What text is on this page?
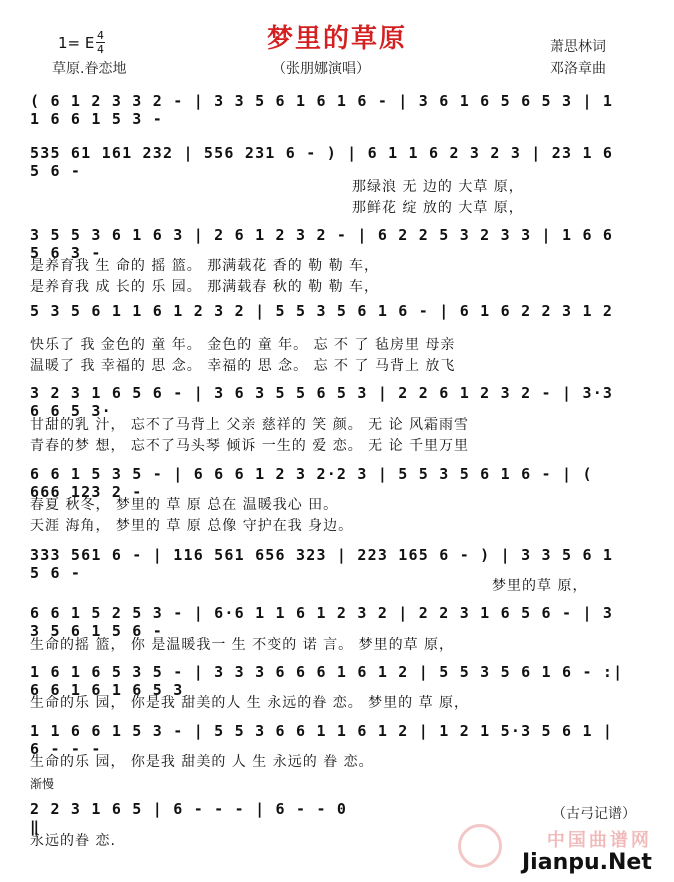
梦里的草原
1= E 4
4	萧思林词
邓洛章曲
草原.眷恋地	（张朋娜演唱）
( 6 1 2 3 3 2 - | 3 3 5 6 1 6 1 6 - | 3 6 1 6 5 6 5 3 | 1 1 6 6 1 5 3 -
535 61 161 232 | 556 231 6 - ) | 6 1 1 6 2 3 2 3 | 23 1 6 5 6 -
3 5 5 3 6 1 6 3 | 2 6 1 2 3 2 - | 6 2 2 5 3 2 3 3 | 1 6 6 5 6 3 -
5 3 5 6 1 1 6 1 2 3 2 | 5 5 3 5 6 1 6 - | 6 1 6 2 2 3 1 2
3 2 3 1 6 5 6 - | 3 6 3 5 5 6 5 3 | 2 2 6 1 2 3 2 - | 3·3 6 6 5 3·
6 6 1 5 3 5 - | 6 6 6 1 2 3 2·2 3 | 5 5 3 5 6 1 6 - | ( 666 123 2 -
333 561 6 - | 116 561 656 323 | 223 165 6 - ) | 3 3 5 6 1 5 6 -
6 6 1 5 2 5 3 - | 6·6 1 1 6 1 2 3 2 | 2 2 3 1 6 5 6 - | 3 3 5 6 1 5 6 -
1 6 1 6 5 3 5 - | 3 3 3 6 6 6 1 6 1 2 | 5 5 3 5 6 1 6 - :| 6 6 1 6 1 6 5 3
1 1 6 6 1 5 3 - | 5 5 3 6 6 1 1 6 1 2 | 1 2 1 5·3 5 6 1 | 6 - - -
2 2 3 1 6 5 | 6 - - - | 6 - - 0 ‖
那绿浪 无 边的 大草 原，
那鲜花 绽 放的 大草 原，
是养育我 生 命的 摇 篮。 那满载花 香的 勒 勒 车，
是养育我 成 长的 乐 园。 那满载春 秋的 勒 勒 车，
快乐了 我 金色的 童 年。 金色的 童 年。 忘 不 了 毡房里 母亲
温暖了 我 幸福的 思 念。 幸福的 思 念。 忘 不 了 马背上 放飞
甘甜的乳 汁， 忘不了马背上 父亲 慈祥的 笑 颜。 无 论 风霜雨雪
青春的梦 想， 忘不了马头琴 倾诉 一生的 爱 恋。 无 论 千里万里
春夏 秋冬， 梦里的 草 原 总在 温暖我心 田。
天涯 海角， 梦里的 草 原 总像 守护在我 身边。
梦里的草 原，
生命的摇 篮， 你 是温暖我一 生 不变的 诺 言。 梦里的草 原，
生命的乐 园， 你是我 甜美的人 生 永远的眷 恋。 梦里的 草 原，
生命的乐 园， 你是我 甜美的 人 生 永远的 眷 恋。
永远的眷 恋.
渐慢
（古弓记谱）
中国曲谱网
Jianpu.Net
